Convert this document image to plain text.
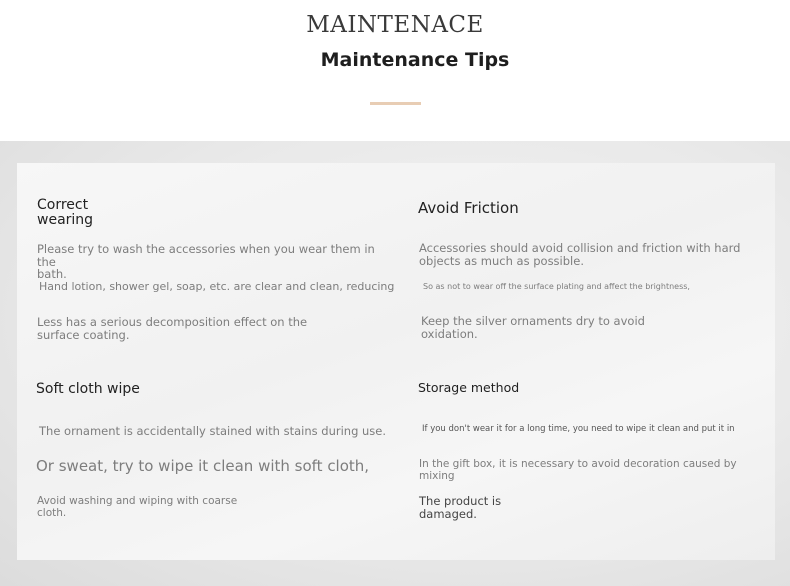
MAINTENACE
Maintenance Tips
Correct
wearing

Please try to wash the accessories when you wear them in the
bath.

Hand lotion, shower gel, soap, etc. are clear and clean, reducing

Less has a serious decomposition effect on the
surface coating.

Avoid Friction

Accessories should avoid collision and friction with hard
objects as much as possible.

So as not to wear off the surface plating and affect the brightness,

Keep the silver ornaments dry to avoid
oxidation.

Soft cloth wipe

The ornament is accidentally stained with stains during use.

Or sweat, try to wipe it clean with soft cloth,

Avoid washing and wiping with coarse
cloth.

Storage method

If you don't wear it for a long time, you need to wipe it clean and put it in

In the gift box, it is necessary to avoid decoration caused by
mixing

The product is
damaged.
